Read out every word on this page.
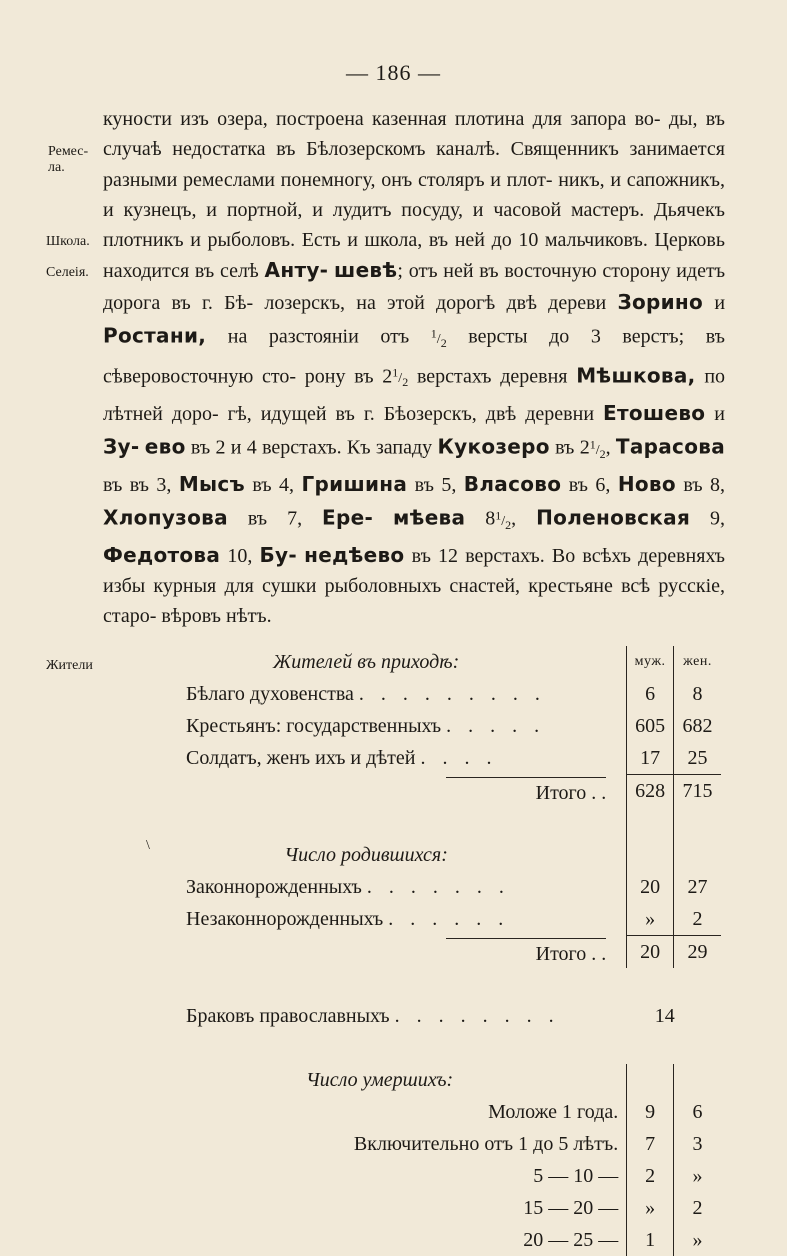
— 186 —
Ремес- ла.
Школа.
Селеія.
Жители
куности изъ озера, построена казенная плотина для запора во- ды, въ случаѣ недостатка въ Бѣлозерскомъ каналѣ. Священникъ занимается разными ремеслами понемногу, онъ столяръ и плот- никъ, и сапожникъ, и кузнецъ, и портной, и лудитъ посуду, и часовой мастеръ. Дьячекъ плотникъ и рыболовъ. Есть и школа, въ ней до 10 мальчиковъ. Церковь находится въ селѣ Анту- шевѣ; отъ ней въ восточную сторону идетъ дорога въ г. Бѣ- лозерскъ, на этой дорогѣ двѣ дереви Зорино и Ростани, на разстояніи отъ $^1/_2$ версты до 3 верстъ; въ сѣверовосточную сто- рону въ $2^1/_2$ верстахъ деревня Мѣшкова, по лѣтней доро- гѣ, идущей въ г. Бѣозерскъ, двѣ деревни Етошево и Зу- ево въ 2 и 4 верстахъ. Къ западу Кукозеро въ $2^1/_2$, Тарасова въ въ 3, Мысъ въ 4, Гришина въ 5, Власово въ 6, Ново въ 8, Хлопузова въ 7, Ере- мѣева $8^1/_2$, Поленовская 9, Федотова 10, Бу- недѣево въ 12 верстахъ. Во всѣхъ деревняхъ избы курныя для сушки рыболовныхъ снастей, крестьяне всѣ русскіе, старо- вѣровъ нѣтъ.
\
Жителей въ приходѣ:	муж.	жен.
Бѣлаго духовенства . . . . . . . . .	6	8
Крестьянъ: государственныхъ . . . . .	605	682
Солдатъ, женъ ихъ и дѣтей . . . .	17	25
Итого . .	628	715

Число родившихся:		
Законнорожденныхъ . . . . . . .	20	27
Незаконнорожденныхъ . . . . . .	»	2
Итого . .	20	29

Браковъ православныхъ . . . . . . . .	14	

Число умершихъ:		
Моложе 1 года.	9	6
Включительно отъ 1 до 5 лѣтъ.	7	3
5 — 10 —	2	»
15 — 20 —	»	2
20 — 25 —	1	»
